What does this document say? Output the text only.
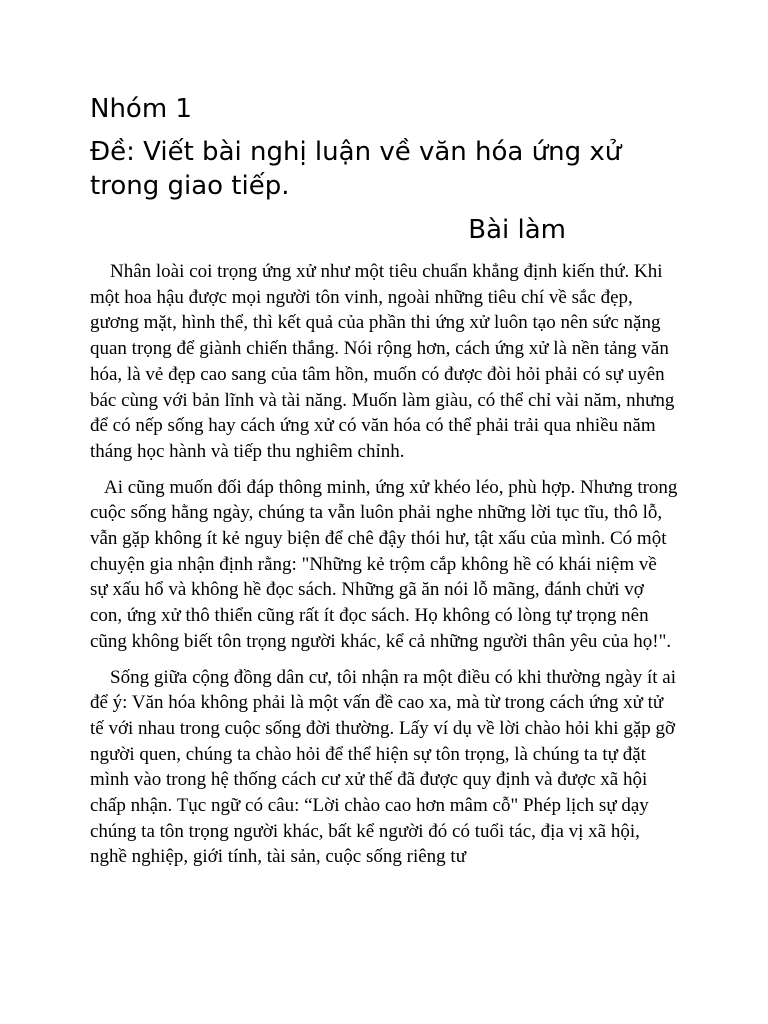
Nhóm 1
Đề: Viết bài nghị luận về văn hóa ứng xử trong giao tiếp.
Bài làm

Nhân loài coi trọng ứng xử như một tiêu chuẩn khẳng định kiến thứ. Khi một hoa hậu được mọi người tôn vinh, ngoài những tiêu chí về sắc đẹp, gương mặt, hình thể, thì kết quả của phần thi ứng xử luôn tạo nên sức nặng quan trọng để giành chiến thắng. Nói rộng hơn, cách ứng xử là nền tảng văn hóa, là vẻ đẹp cao sang của tâm hồn, muốn có được đòi hỏi phải có sự uyên bác cùng với bản lĩnh và tài năng. Muốn làm giàu, có thể chỉ vài năm, nhưng để có nếp sống hay cách ứng xử có văn hóa có thể phải trải qua nhiều năm tháng học hành và tiếp thu nghiêm chỉnh.

Ai cũng muốn đối đáp thông minh, ứng xử khéo léo, phù hợp. Nhưng trong cuộc sống hằng ngày, chúng ta vẫn luôn phải nghe những lời tục tĩu, thô lỗ, vẫn gặp không ít kẻ nguy biện để chê đậy thói hư, tật xấu của mình. Có một chuyện gia nhận định rằng: "Những kẻ trộm cắp không hề có khái niệm về sự xấu hổ và không hề đọc sách. Những gã ăn nói lỗ mãng, đánh chửi vợ con, ứng xử thô thiển cũng rất ít đọc sách. Họ không có lòng tự trọng nên cũng không biết tôn trọng người khác, kể cả những người thân yêu của họ!".

Sống giữa cộng đồng dân cư, tôi nhận ra một điều có khi thường ngày ít ai để ý: Văn hóa không phải là một vấn đề cao xa, mà từ trong cách ứng xử tử tế với nhau trong cuộc sống đời thường. Lấy ví dụ về lời chào hỏi khi gặp gỡ người quen, chúng ta chào hỏi để thể hiện sự tôn trọng, là chúng ta tự đặt mình vào trong hệ thống cách cư xử thế đã được quy định và được xã hội chấp nhận. Tục ngữ có câu: “Lời chào cao hơn mâm cỗ" Phép lịch sự dạy chúng ta tôn trọng người khác, bất kể người đó có tuổi tác, địa vị xã hội, nghề nghiệp, giới tính, tài sản, cuộc sống riêng tư
